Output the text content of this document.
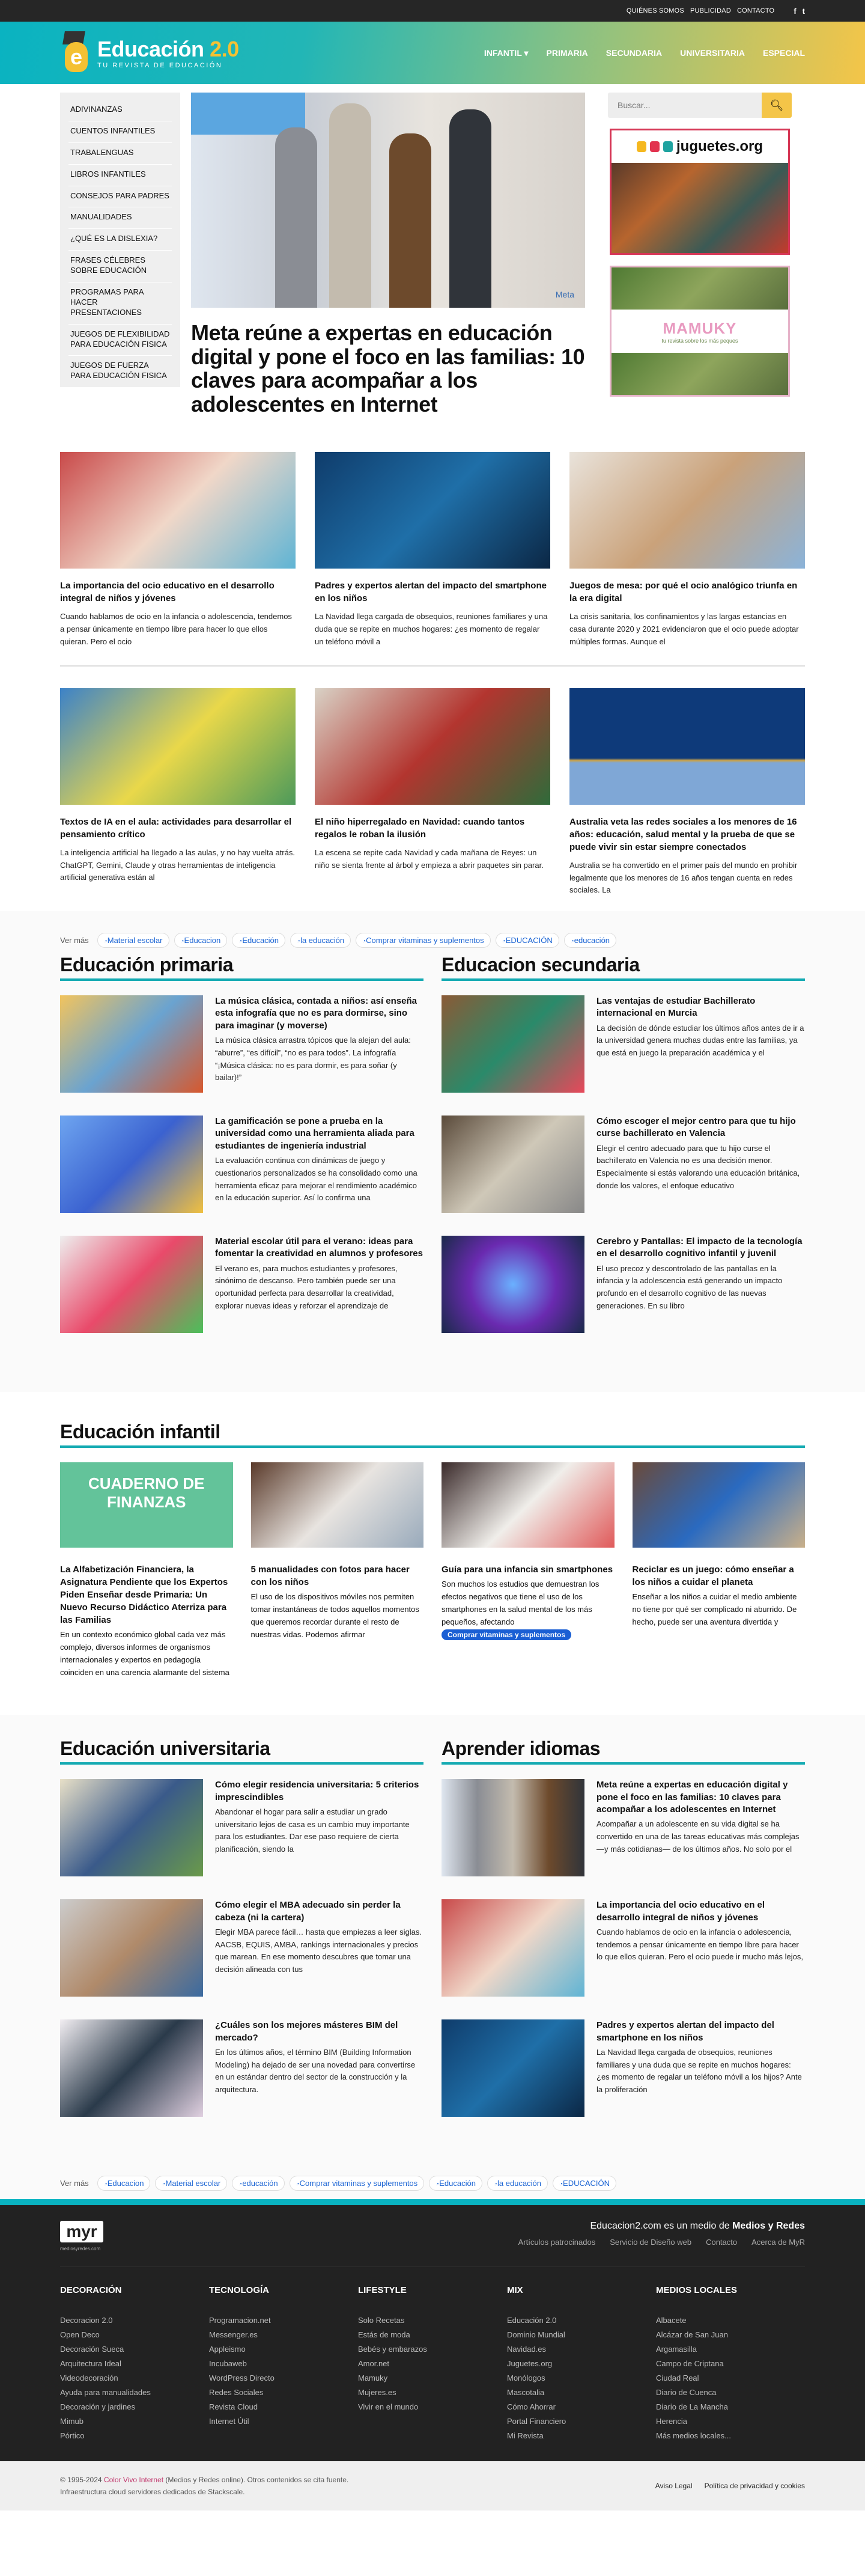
QUIÉNES SOMOS PUBLICIDAD CONTACTO f t
e Educación 2.0
TU REVISTA DE EDUCACIÓN
INFANTIL ▾ PRIMARIA SECUNDARIA UNIVERSITARIA ESPECIAL
ADIVINANZAS
CUENTOS INFANTILES
TRABALENGUAS
LIBROS INFANTILES
CONSEJOS PARA PADRES
MANUALIDADES
¿QUÉ ES LA DISLEXIA?
FRASES CÉLEBRES SOBRE EDUCACIÓN
PROGRAMAS PARA HACER PRESENTACIONES
JUEGOS DE FLEXIBILIDAD PARA EDUCACIÓN FISICA
JUEGOS DE FUERZA PARA EDUCACIÓN FISICA
Meta
Meta reúne a expertas en educación digital y pone el foco en las familias: 10 claves para acompañar a los adolescentes en Internet
Buscar...
🔍︎
juguetes.org
MAMUKY
tu revista sobre los más peques
La importancia del ocio educativo en el desarrollo integral de niños y jóvenes

Cuando hablamos de ocio en la infancia o adolescencia, tendemos a pensar únicamente en tiempo libre para hacer lo que ellos quieran. Pero el ocio

Padres y expertos alertan del impacto del smartphone en los niños

La Navidad llega cargada de obsequios, reuniones familiares y una duda que se repite en muchos hogares: ¿es momento de regalar un teléfono móvil a

Juegos de mesa: por qué el ocio analógico triunfa en la era digital

La crisis sanitaria, los confinamientos y las largas estancias en casa durante 2020 y 2021 evidenciaron que el ocio puede adoptar múltiples formas. Aunque el

Textos de IA en el aula: actividades para desarrollar el pensamiento crítico

La inteligencia artificial ha llegado a las aulas, y no hay vuelta atrás. ChatGPT, Gemini, Claude y otras herramientas de inteligencia artificial generativa están al

El niño hiperregalado en Navidad: cuando tantos regalos le roban la ilusión

La escena se repite cada Navidad y cada mañana de Reyes: un niño se sienta frente al árbol y empieza a abrir paquetes sin parar.

Australia veta las redes sociales a los menores de 16 años: educación, salud mental y la prueba de que se puede vivir sin estar siempre conectados

Australia se ha convertido en el primer país del mundo en prohibir legalmente que los menores de 16 años tengan cuenta en redes sociales. La

Ver más	◔ Material escolar	◔ Educacion	◔ Educación	◔ la educación	◔ Comprar vitaminas y suplementos	◔ EDUCACIÓN	◔ educación
Educación primaria
La música clásica, contada a niños: así enseña esta infografía que no es para dormirse, sino para imaginar (y moverse)

La música clásica arrastra tópicos que la alejan del aula: “aburre”, “es difícil”, “no es para todos”. La infografía “¡Música clásica: no es para dormir, es para soñar (y bailar)!”

La gamificación se pone a prueba en la universidad como una herramienta aliada para estudiantes de ingeniería industrial

La evaluación continua con dinámicas de juego y cuestionarios personalizados se ha consolidado como una herramienta eficaz para mejorar el rendimiento académico en la educación superior. Así lo confirma una

Material escolar útil para el verano: ideas para fomentar la creatividad en alumnos y profesores

El verano es, para muchos estudiantes y profesores, sinónimo de descanso. Pero también puede ser una oportunidad perfecta para desarrollar la creatividad, explorar nuevas ideas y reforzar el aprendizaje de

Educacion secundaria
Las ventajas de estudiar Bachillerato internacional en Murcia

La decisión de dónde estudiar los últimos años antes de ir a la universidad genera muchas dudas entre las familias, ya que está en juego la preparación académica y el

Cómo escoger el mejor centro para que tu hijo curse bachillerato en Valencia

Elegir el centro adecuado para que tu hijo curse el bachillerato en Valencia no es una decisión menor. Especialmente si estás valorando una educación británica, donde los valores, el enfoque educativo

Cerebro y Pantallas: El impacto de la tecnología en el desarrollo cognitivo infantil y juvenil

El uso precoz y descontrolado de las pantallas en la infancia y la adolescencia está generando un impacto profundo en el desarrollo cognitivo de las nuevas generaciones. En su libro

Educación infantil
CUADERNO DE FINANZAS
La Alfabetización Financiera, la Asignatura Pendiente que los Expertos Piden Enseñar desde Primaria: Un Nuevo Recurso Didáctico Aterriza para las Familias

En un contexto económico global cada vez más complejo, diversos informes de organismos internacionales y expertos en pedagogía coinciden en una carencia alarmante del sistema

5 manualidades con fotos para hacer con los niños

El uso de los dispositivos móviles nos permiten tomar instantáneas de todos aquellos momentos que queremos recordar durante el resto de nuestras vidas. Podemos afirmar

Guía para una infancia sin smartphones

Son muchos los estudios que demuestran los efectos negativos que tiene el uso de los smartphones en la salud mental de los más pequeños, afectando

Comprar vitaminas y suplementos
Reciclar es un juego: cómo enseñar a los niños a cuidar el planeta

Enseñar a los niños a cuidar el medio ambiente no tiene por qué ser complicado ni aburrido. De hecho, puede ser una aventura divertida y

Educación universitaria
Cómo elegir residencia universitaria: 5 criterios imprescindibles

Abandonar el hogar para salir a estudiar un grado universitario lejos de casa es un cambio muy importante para los estudiantes. Dar ese paso requiere de cierta planificación, siendo la

Cómo elegir el MBA adecuado sin perder la cabeza (ni la cartera)

Elegir MBA parece fácil… hasta que empiezas a leer siglas. AACSB, EQUIS, AMBA, rankings internacionales y precios que marean. En ese momento descubres que tomar una decisión alineada con tus

¿Cuáles son los mejores másteres BIM del mercado?

En los últimos años, el término BIM (Building Information Modeling) ha dejado de ser una novedad para convertirse en un estándar dentro del sector de la construcción y la arquitectura.

Aprender idiomas
Meta reúne a expertas en educación digital y pone el foco en las familias: 10 claves para acompañar a los adolescentes en Internet

Acompañar a un adolescente en su vida digital se ha convertido en una de las tareas educativas más complejas —y más cotidianas— de los últimos años. No solo por el

La importancia del ocio educativo en el desarrollo integral de niños y jóvenes

Cuando hablamos de ocio en la infancia o adolescencia, tendemos a pensar únicamente en tiempo libre para hacer lo que ellos quieran. Pero el ocio puede ir mucho más lejos,

Padres y expertos alertan del impacto del smartphone en los niños

La Navidad llega cargada de obsequios, reuniones familiares y una duda que se repite en muchos hogares: ¿es momento de regalar un teléfono móvil a los hijos? Ante la proliferación

Ver más	◔ Educacion	◔ Material escolar	◔ educación	◔ Comprar vitaminas y suplementos	◔ Educación	◔ la educación	◔ EDUCACIÓN
myr
mediosyredes.com
Educacion2.com es un medio de Medios y Redes
Artículos patrocinados Servicio de Diseño web Contacto Acerca de MyR
DECORACIÓN
Decoracion 2.0
Open Deco
Decoración Sueca
Arquitectura Ideal
Videodecoración
Ayuda para manualidades
Decoración y jardines
Mimub
Pórtico
TECNOLOGÍA
Programacion.net
Messenger.es
Appleismo
Incubaweb
WordPress Directo
Redes Sociales
Revista Cloud
Internet Útil
LIFESTYLE
Solo Recetas
Estás de moda
Bebés y embarazos
Amor.net
Mamuky
Mujeres.es
Vivir en el mundo
MIX
Educación 2.0
Dominio Mundial
Navidad.es
Juguetes.org
Monólogos
Mascotalia
Cómo Ahorrar
Portal Financiero
Mi Revista
MEDIOS LOCALES
Albacete
Alcázar de San Juan
Argamasilla
Campo de Criptana
Ciudad Real
Diario de Cuenca
Diario de La Mancha
Herencia
Más medios locales...
© 1995-2024 Color Vivo Internet (Medios y Redes online). Otros contenidos se cita fuente.
Infraestructura cloud servidores dedicados de Stackscale.
Aviso Legal Política de privacidad y cookies
